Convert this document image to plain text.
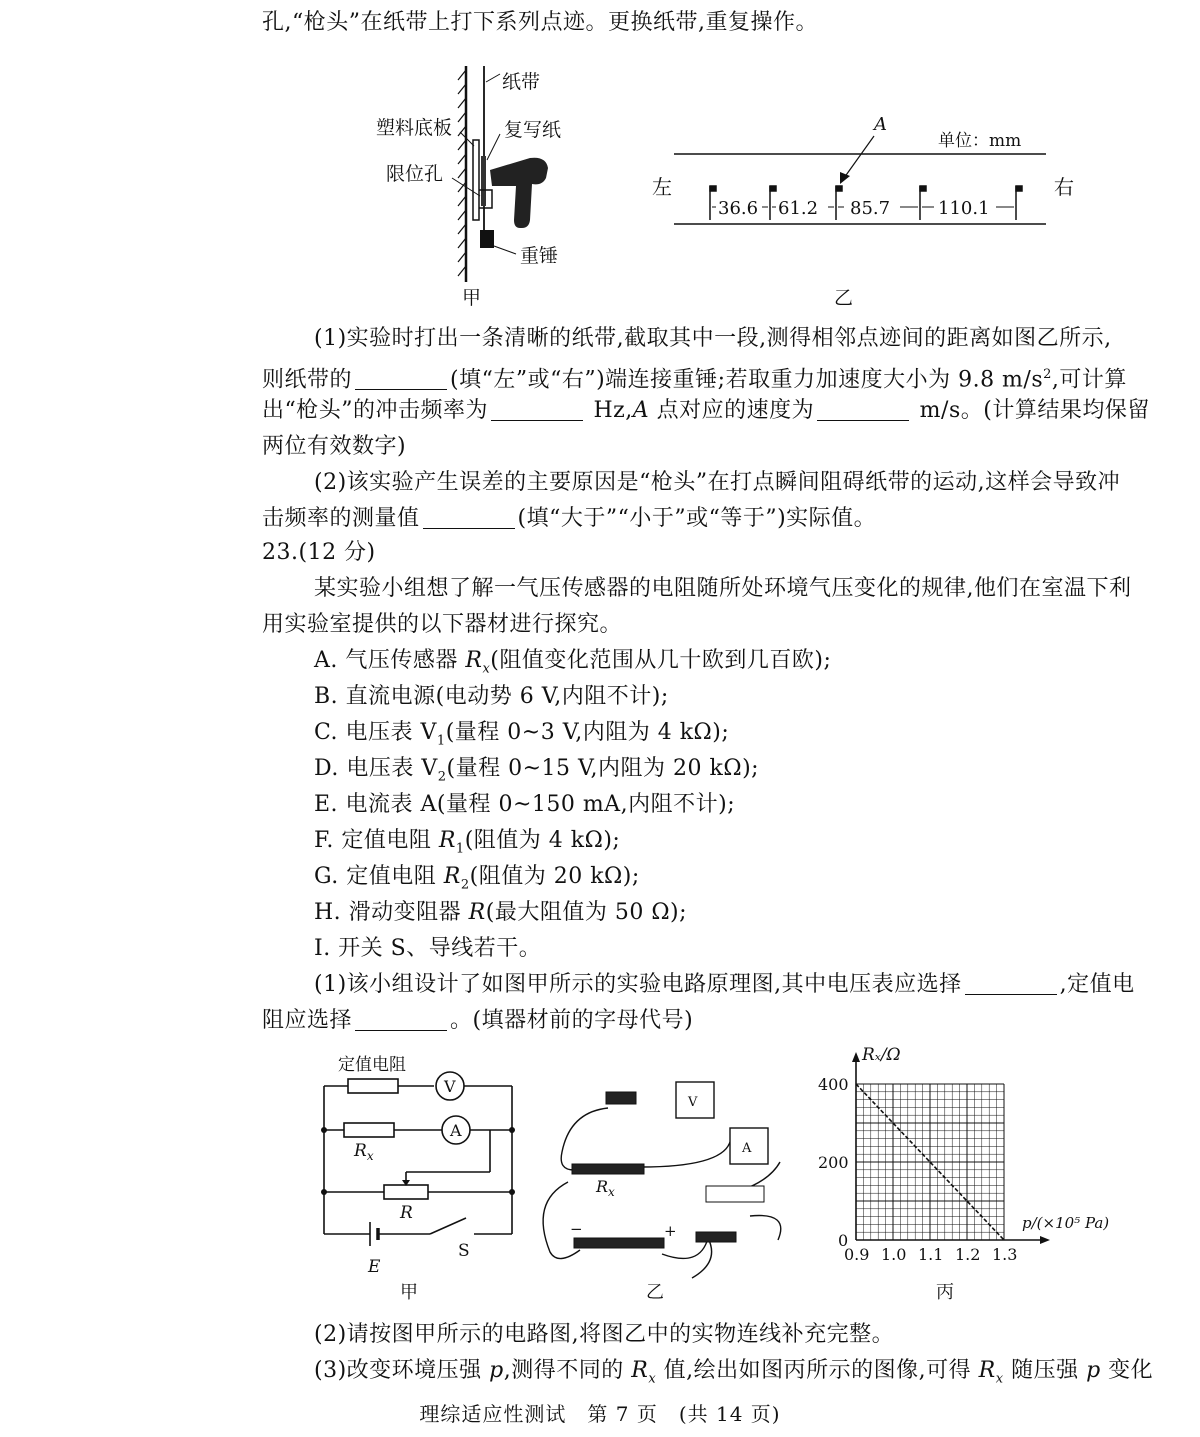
孔,“枪头”在纸带上打下系列点迹。更换纸带,重复操作。
纸带
塑料底板	复写纸
限位孔
重锤
甲
左	右
单位：mm
A
36.6 61.2 85.7	110.1
乙
(1)实验时打出一条清晰的纸带,截取其中一段,测得相邻点迹间的距离如图乙所示,
则纸带的	(填“左”或“右”)端连接重锤;若取重力加速度大小为 9.8 $m/s^2$,可计算
出“枪头”的冲击频率为	Hz,A 点对应的速度为	m/s。(计算结果均保留
两位有效数字)
(2)该实验产生误差的主要原因是“枪头”在打点瞬间阻碍纸带的运动,这样会导致冲
击频率的测量值	(填“大于”“小于”或“等于”)实际值。
23.(12 分)
某实验小组想了解一气压传感器的电阻随所处环境气压变化的规律,他们在室温下利
用实验室提供的以下器材进行探究。
A. 气压传感器 $R_x$(阻值变化范围从几十欧到几百欧);
B. 直流电源(电动势 6 V,内阻不计);
C. 电压表 $V_1$(量程 0~3 V,内阻为 4 kΩ);
D. 电压表 $V_2$(量程 0~15 V,内阻为 20 kΩ);
E. 电流表 A(量程 0~150 mA,内阻不计);
F. 定值电阻 $R_1$(阻值为 4 kΩ);
G. 定值电阻 $R_2$(阻值为 20 kΩ);
H. 滑动变阻器 R(最大阻值为 50 Ω);
I. 开关 S、导线若干。
(1)该小组设计了如图甲所示的实验电路原理图,其中电压表应选择	,定值电
阻应选择	。(填器材前的字母代号)
定值电阻
V
A
$R_x$
R
E
S
甲
V
A
$R_x$
+
−
乙
0.9 1.0 1.1 1.2 1.3
0
200
400
Rₓ/Ω
p/(×10⁵ Pa)
丙
(2)请按图甲所示的电路图,将图乙中的实物连线补充完整。
(3)改变环境压强 p,测得不同的 $R_x$ 值,绘出如图丙所示的图像,可得 $R_x$ 随压强 p 变化
理综适应性测试　第 7 页　(共 14 页)
